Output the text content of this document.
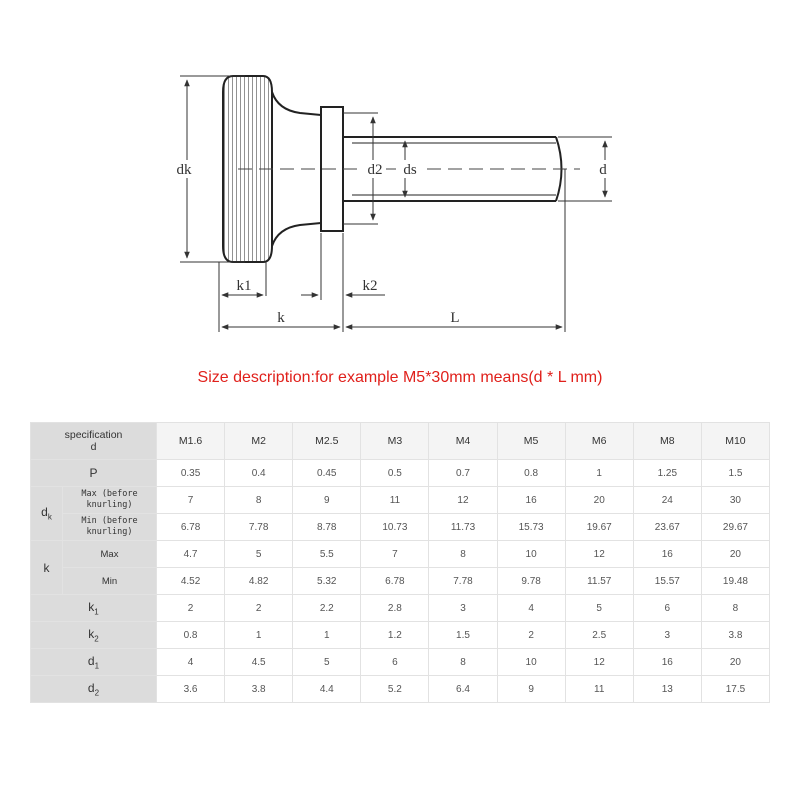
dk	d2 ds	d
k1	k2
k	L
Size description:for example M5*30mm means(d * L mm)
specification
d		M1.6	M2	M2.5	M3	M4	M5	M6	M8	M10
P		0.35	0.4	0.45	0.5	0.7	0.8	1	1.25	1.5
$d_k$	Max (before knurling)	7	8	9	11	12	16	20	24	30
	Min (before knurling)	6.78	7.78	8.78	10.73	11.73	15.73	19.67	23.67	29.67
k	Max	4.7	5	5.5	7	8	10	12	16	20
	Min	4.52	4.82	5.32	6.78	7.78	9.78	11.57	15.57	19.48
$k_1$		2	2	2.2	2.8	3	4	5	6	8
$k_2$		0.8	1	1	1.2	1.5	2	2.5	3	3.8
$d_1$		4	4.5	5	6	8	10	12	16	20
$d_2$		3.6	3.8	4.4	5.2	6.4	9	11	13	17.5
